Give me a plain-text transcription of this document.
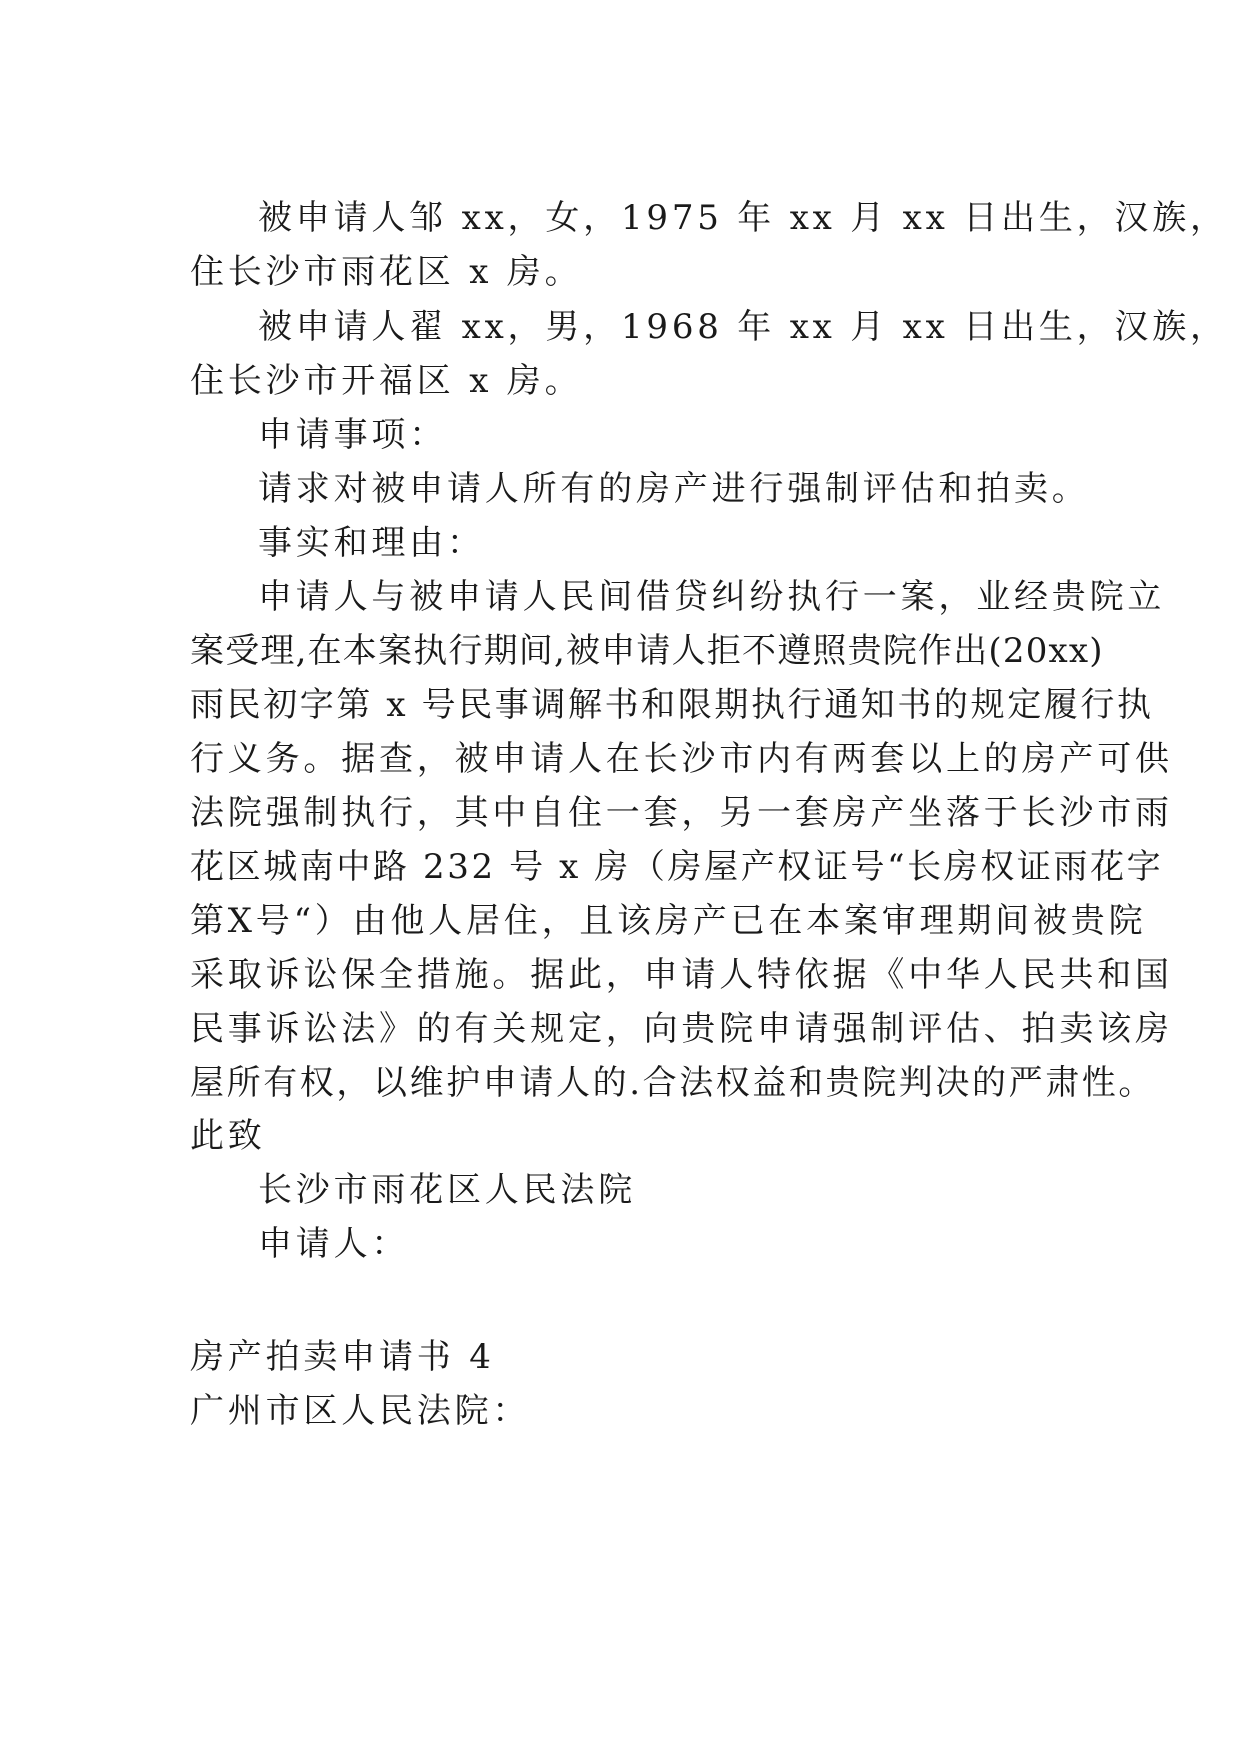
被申请人邹 xx，女，1975 年 xx 月 xx 日出生，汉族，
住长沙市雨花区 x 房。
被申请人翟 xx，男，1968 年 xx 月 xx 日出生，汉族，
住长沙市开福区 x 房。
申请事项：
请求对被申请人所有的房产进行强制评估和拍卖。
事实和理由：
申请人与被申请人民间借贷纠纷执行一案，业经贵院立
案受理,在本案执行期间,被申请人拒不遵照贵院作出(20xx)
雨民初字第 x 号民事调解书和限期执行通知书的规定履行执
行义务。据查，被申请人在长沙市内有两套以上的房产可供
法院强制执行，其中自住一套，另一套房产坐落于长沙市雨
花区城南中路 232 号 x 房（房屋产权证号“长房权证雨花字
第X号“）由他人居住，且该房产已在本案审理期间被贵院
采取诉讼保全措施。据此，申请人特依据《中华人民共和国
民事诉讼法》的有关规定，向贵院申请强制评估、拍卖该房
屋所有权，以维护申请人的.合法权益和贵院判决的严肃性。
此致
长沙市雨花区人民法院
申请人：
房产拍卖申请书 4
广州市区人民法院：
